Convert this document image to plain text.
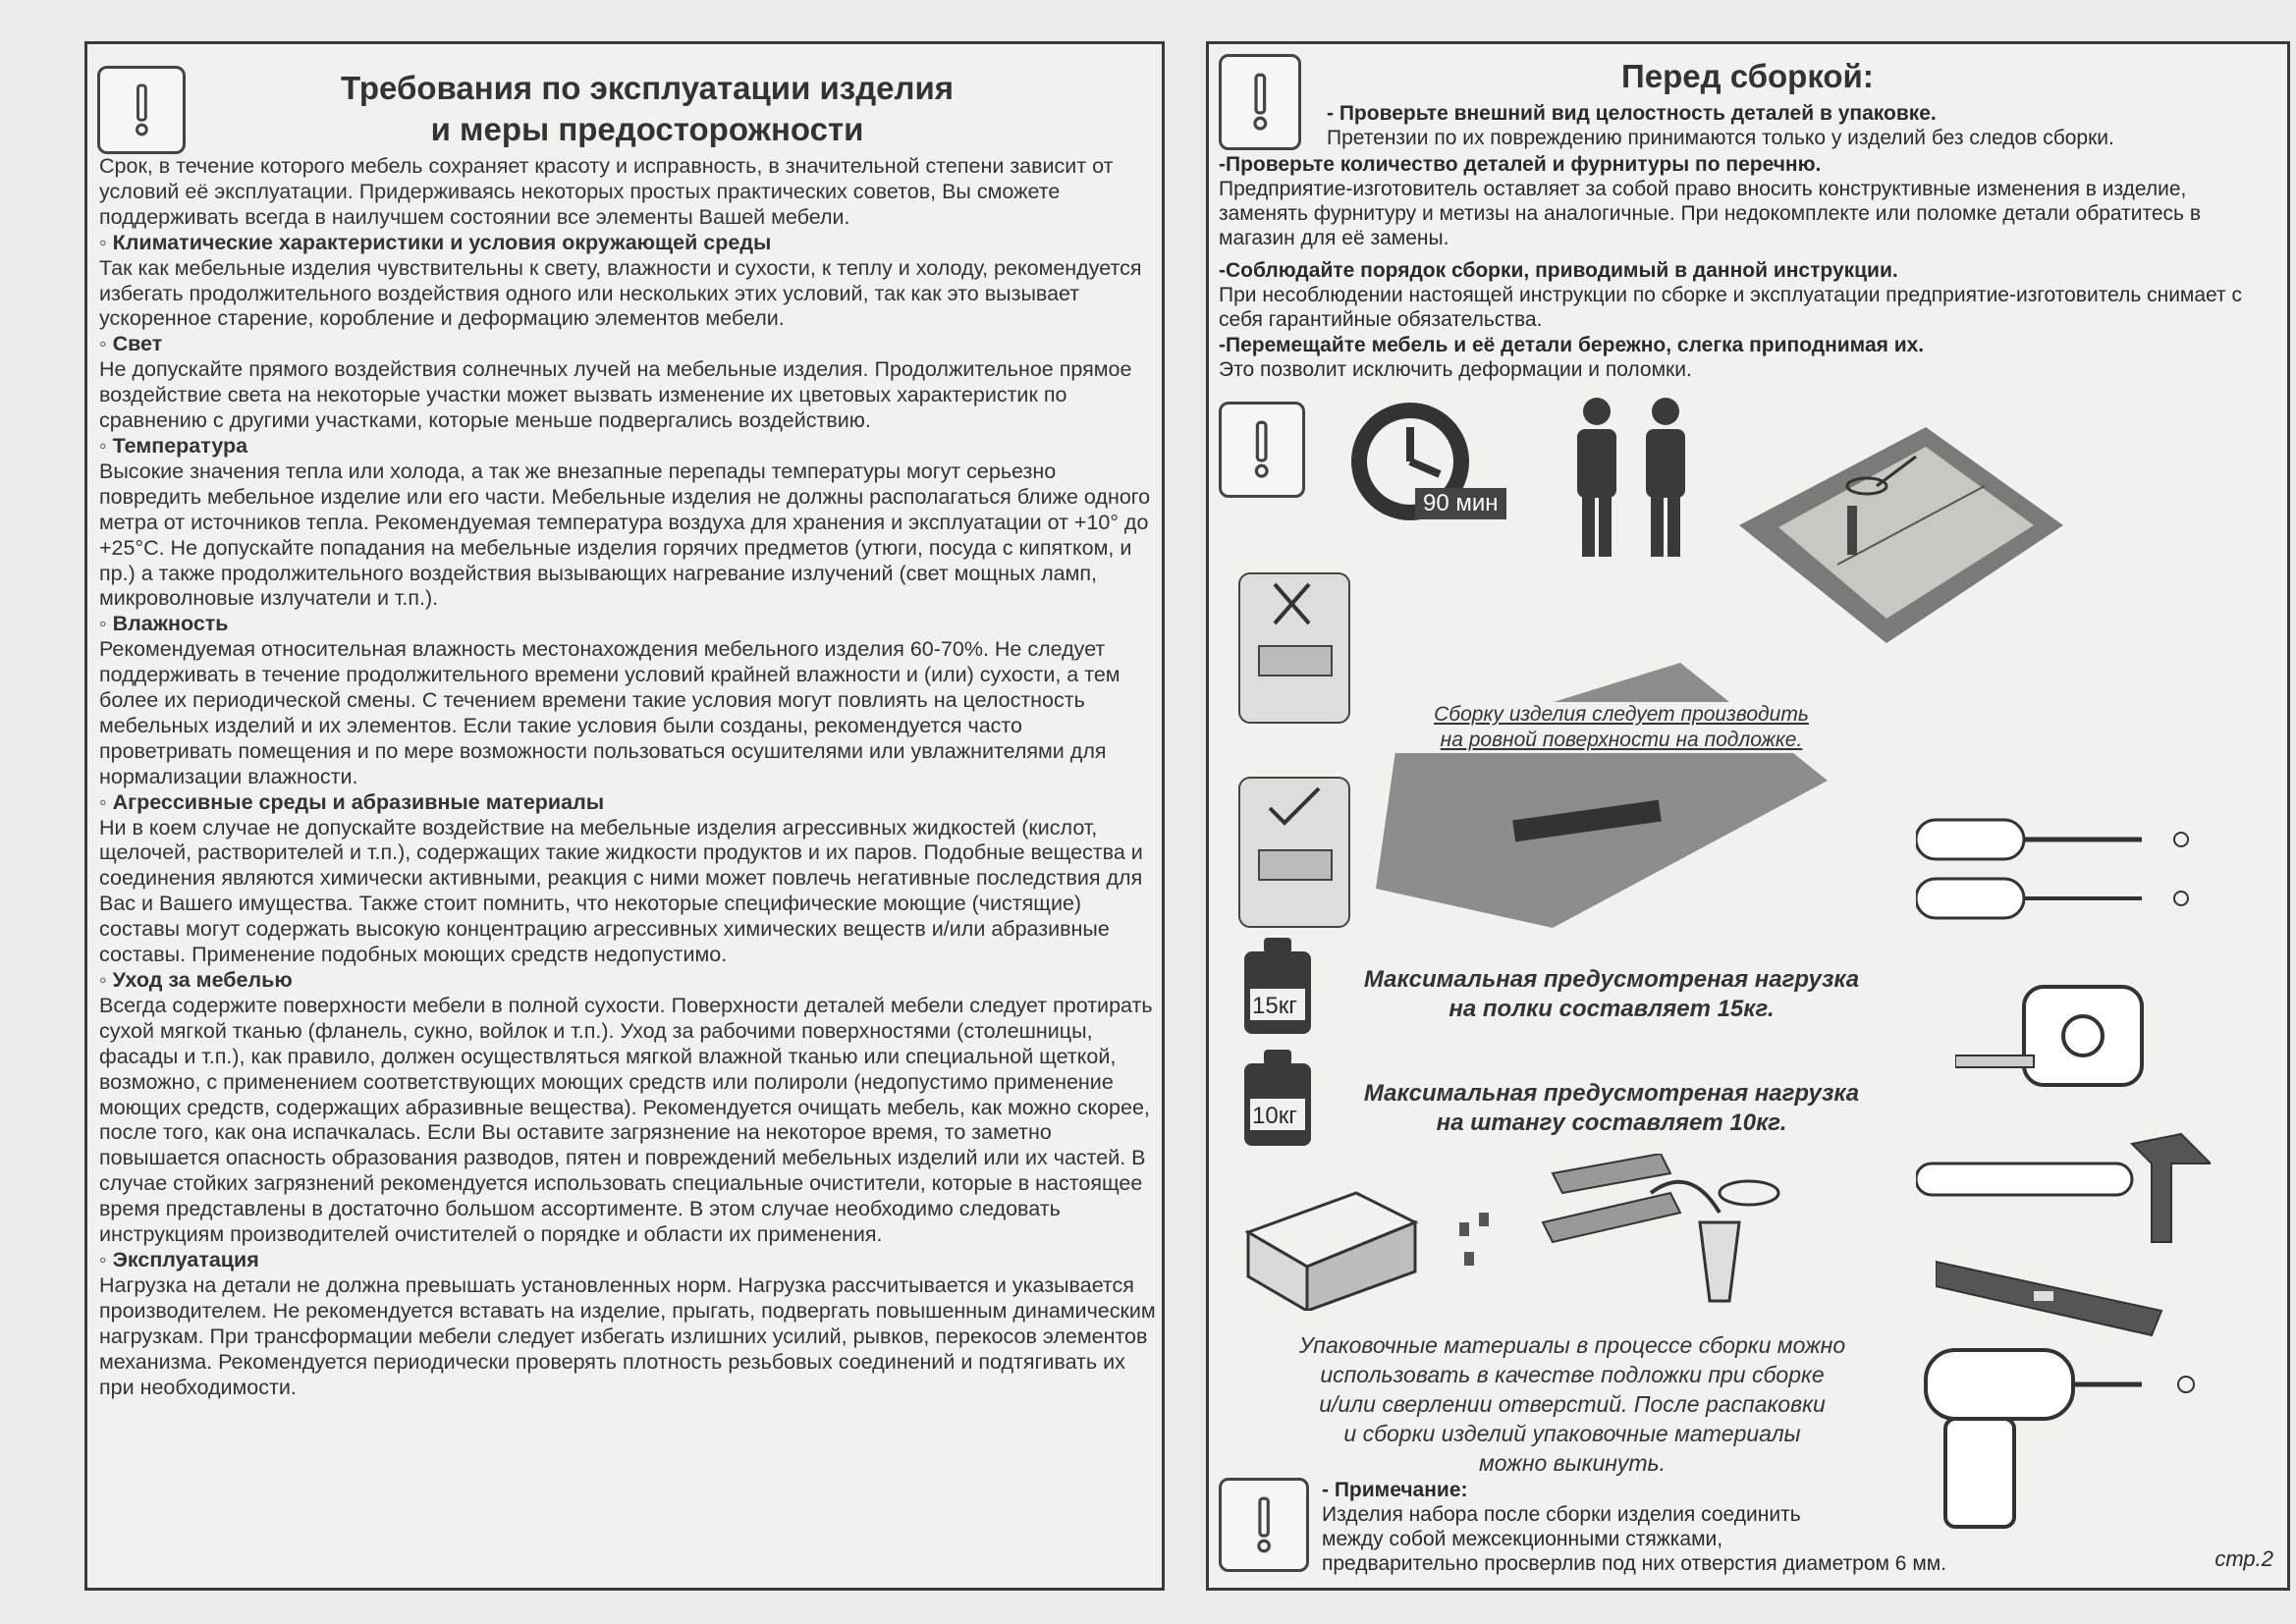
Требования по эксплуатации изделия
и меры предосторожности

Срок, в течение которого мебель сохраняет красоту и исправность, в значительной степени зависит от условий её эксплуатации. Придерживаясь некоторых простых практических советов, Вы сможете поддерживать всегда в наилучшем состоянии все элементы Вашей мебели.

◦ Климатические характеристики и условия окружающей среды

Так как мебельные изделия чувствительны к свету, влажности и сухости, к теплу и холоду, рекомендуется избегать продолжительного воздействия одного или нескольких этих условий, так как это вызывает ускоренное старение, коробление и деформацию элементов мебели.

◦ Свет

Не допускайте прямого воздействия солнечных лучей на мебельные изделия. Продолжительное прямое воздействие света на некоторые участки может вызвать изменение их цветовых характеристик по сравнению с другими участками, которые меньше подвергались воздействию.

◦ Температура

Высокие значения тепла или холода, а так же внезапные перепады температуры могут серьезно повредить мебельное изделие или его части. Мебельные изделия не должны располагаться ближе одного метра от источников тепла. Рекомендуемая температура воздуха для хранения и эксплуатации от +10° до +25°C. Не допускайте попадания на мебельные изделия горячих предметов (утюги, посуда с кипятком, и пр.) а также продолжительного воздействия вызывающих нагревание излучений (свет мощных ламп, микроволновые излучатели и т.п.).

◦ Влажность

Рекомендуемая относительная влажность местонахождения мебельного изделия 60-70%. Не следует поддерживать в течение продолжительного времени условий крайней влажности и (или) сухости, а тем более их периодической смены. С течением времени такие условия могут повлиять на целостность мебельных изделий и их элементов. Если такие условия были созданы, рекомендуется часто проветривать помещения и по мере возможности пользоваться осушителями или увлажнителями для нормализации влажности.

◦ Агрессивные среды и абразивные материалы

Ни в коем случае не допускайте воздействие на мебельные изделия агрессивных жидкостей (кислот, щелочей, растворителей и т.п.), содержащих такие жидкости продуктов и их паров. Подобные вещества и соединения являются химически активными, реакция с ними может повлечь негативные последствия для Вас и Вашего имущества. Также стоит помнить, что некоторые специфические моющие (чистящие) составы могут содержать высокую концентрацию агрессивных химических веществ и/или абразивные составы. Применение подобных моющих средств недопустимо.

◦ Уход за мебелью

Всегда содержите поверхности мебели в полной сухости. Поверхности деталей мебели следует протирать сухой мягкой тканью (фланель, сукно, войлок и т.п.). Уход за рабочими поверхностями (столешницы, фасады и т.п.), как правило, должен осуществляться мягкой влажной тканью или специальной щеткой, возможно, с применением соответствующих моющих средств или полироли (недопустимо применение моющих средств, содержащих абразивные вещества). Рекомендуется очищать мебель, как можно скорее, после того, как она испачкалась. Если Вы оставите загрязнение на некоторое время, то заметно повышается опасность образования разводов, пятен и повреждений мебельных изделий или их частей. В случае стойких загрязнений рекомендуется использовать специальные очистители, которые в настоящее время представлены в достаточно большом ассортименте. В этом случае необходимо следовать инструкциям производителей очистителей о порядке и области их применения.

◦ Эксплуатация

Нагрузка на детали не должна превышать установленных норм. Нагрузка рассчитывается и указывается производителем. Не рекомендуется вставать на изделие, прыгать, подвергать повышенным динамическим нагрузкам. При трансформации мебели следует избегать излишних усилий, рывков, перекосов элементов механизма. Рекомендуется периодически проверять плотность резьбовых соединений и подтягивать их при необходимости.

Перед сборкой:
- Проверьте внешний вид целостность деталей в упаковке.
Претензии по их повреждению принимаются только у изделий без следов сборки.
-Проверьте количество деталей и фурнитуры по перечню.
Предприятие-изготовитель оставляет за собой право вносить конструктивные изменения в изделие, заменять фурнитуру и метизы на аналогичные. При недокомплекте или поломке детали обратитесь в магазин для её замены.
-Соблюдайте порядок сборки, приводимый в данной инструкции.
При несоблюдении настоящей инструкции по сборке и эксплуатации предприятие-изготовитель снимает с себя гарантийные обязательства.
-Перемещайте мебель и её детали бережно, слегка приподнимая их.
Это позволит исключить деформации и поломки.
90 мин
Сборку изделия следует производить
на ровной поверхности на подложке.
15кг
Максимальная предусмотреная нагрузка
на полки составляет 15кг.
10кг
Максимальная предусмотреная нагрузка
на штангу составляет 10кг.
Упаковочные материалы в процессе сборки можно
использовать в качестве подложки при сборке
и/или сверлении отверстий. После распаковки
и сборки изделий упаковочные материалы
можно выкинуть.
- Примечание:
Изделия набора после сборки изделия соединить
между собой межсекционными стяжками,
предварительно просверлив под них отверстия диаметром 6 мм.	стр.2
